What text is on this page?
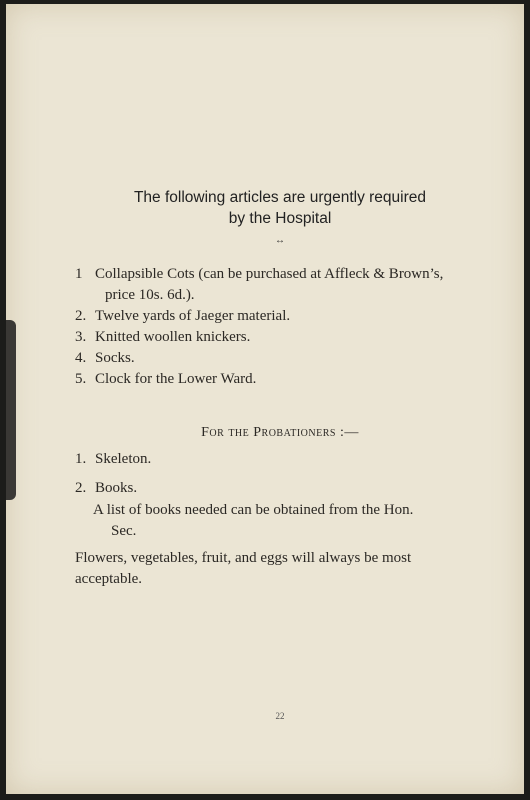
The following articles are urgently required
by the Hospital
↔
1 Collapsible Cots (can be purchased at Affleck & Brown’s,
price 10s. 6d.).
2. Twelve yards of Jaeger material.
3. Knitted woollen knickers.
4. Socks.
5. Clock for the Lower Ward.
For the Probationers :—
1. Skeleton.
2. Books.
A list of books needed can be obtained from the Hon.
Sec.
Flowers, vegetables, fruit, and eggs will always be most
acceptable.
22
